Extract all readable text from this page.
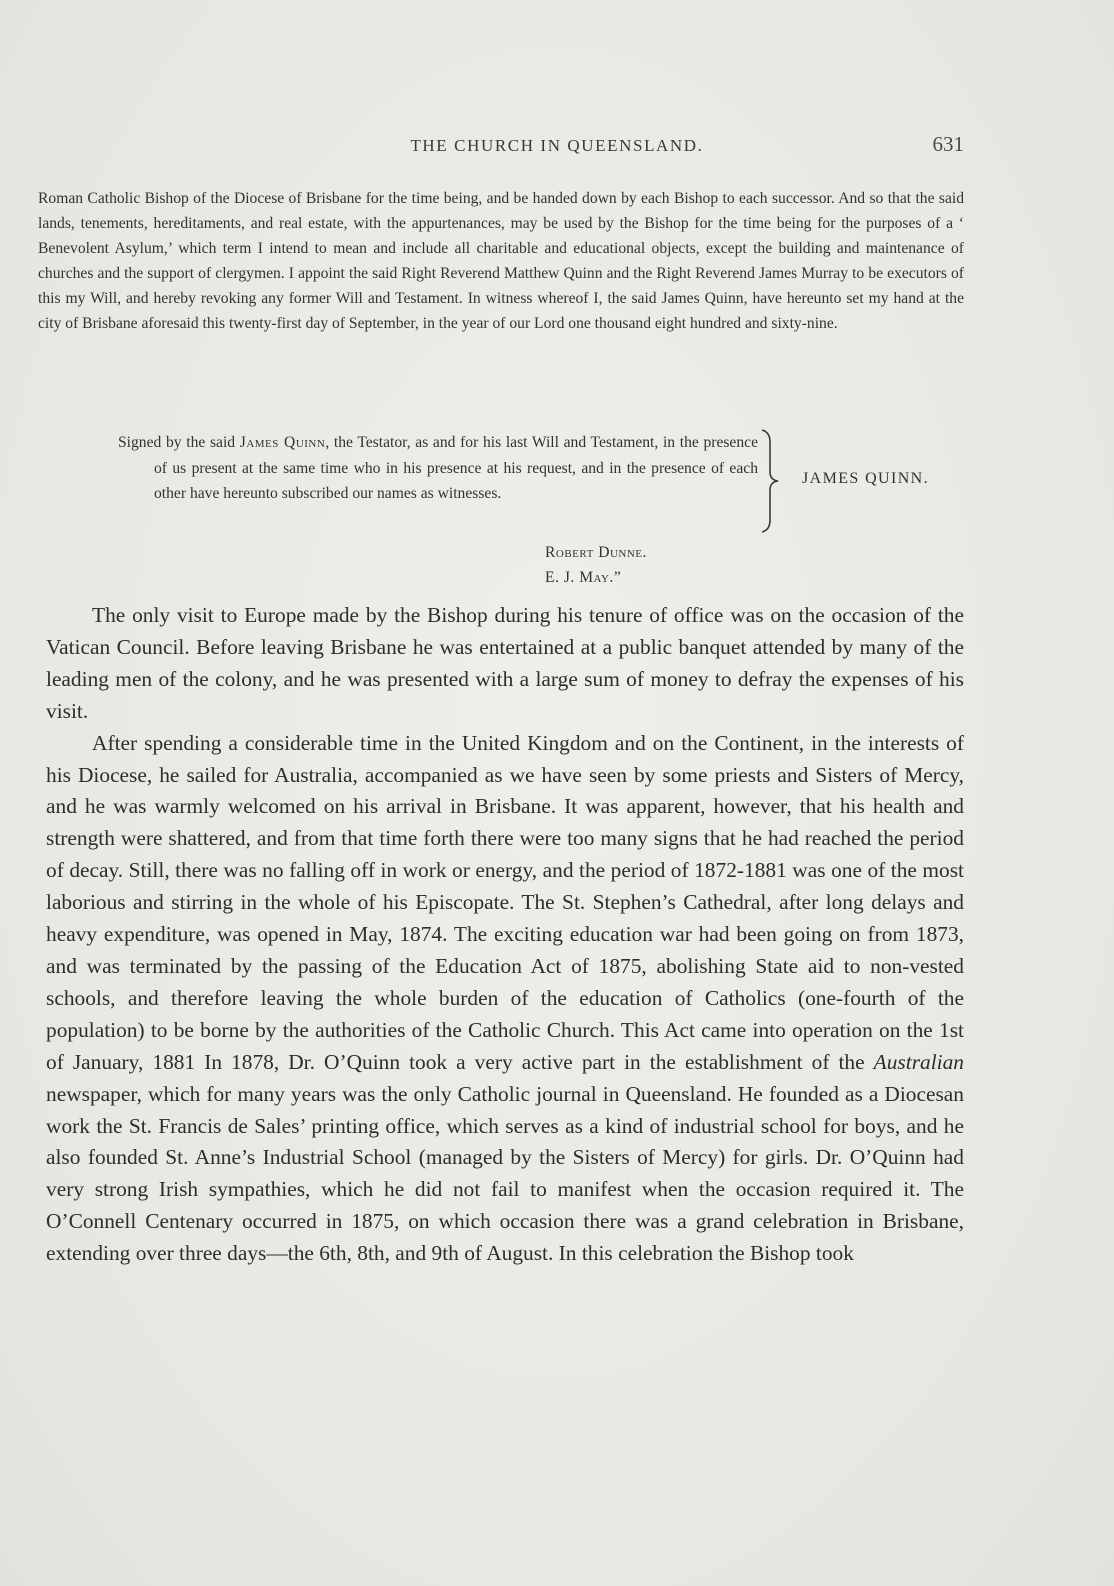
THE CHURCH IN QUEENSLAND.	631

Roman Catholic Bishop of the Diocese of Brisbane for the time being, and be handed down by each Bishop to each successor. And so that the said lands, tenements, hereditaments, and real estate, with the appurtenances, may be used by the Bishop for the time being for the purposes of a ‘ Benevolent Asylum,’ which term I intend to mean and include all charitable and educational objects, except the building and maintenance of churches and the support of clergymen. I appoint the said Right Reverend Matthew Quinn and the Right Reverend James Murray to be executors of this my Will, and hereby revoking any former Will and Testament. In witness whereof I, the said James Quinn, have hereunto set my hand at the city of Brisbane aforesaid this twenty-first day of September, in the year of our Lord one thousand eight hundred and sixty-nine.

Signed by the said James Quinn, the Testator, as and for his last Will and Testament, in the presence of us present at the same time who in his presence at his request, and in the presence of each other have hereunto subscribed our names as witnesses.

JAMES QUINN.
Robert Dunne.
E. J. May.”

The only visit to Europe made by the Bishop during his tenure of office was on the occasion of the Vatican Council. Before leaving Brisbane he was entertained at a public banquet attended by many of the leading men of the colony, and he was presented with a large sum of money to defray the expenses of his visit.

After spending a considerable time in the United Kingdom and on the Continent, in the interests of his Diocese, he sailed for Australia, accompanied as we have seen by some priests and Sisters of Mercy, and he was warmly welcomed on his arrival in Brisbane. It was apparent, however, that his health and strength were shattered, and from that time forth there were too many signs that he had reached the period of decay. Still, there was no falling off in work or energy, and the period of 1872-1881 was one of the most laborious and stirring in the whole of his Episcopate. The St. Stephen’s Cathedral, after long delays and heavy expenditure, was opened in May, 1874. The exciting education war had been going on from 1873, and was terminated by the passing of the Education Act of 1875, abolishing State aid to non-vested schools, and therefore leaving the whole burden of the education of Catholics (one-fourth of the population) to be borne by the authorities of the Catholic Church. This Act came into operation on the 1st of January, 1881 In 1878, Dr. O’Quinn took a very active part in the establishment of the Australian newspaper, which for many years was the only Catholic journal in Queensland. He founded as a Diocesan work the St. Francis de Sales’ printing office, which serves as a kind of industrial school for boys, and he also founded St. Anne’s Industrial School (managed by the Sisters of Mercy) for girls. Dr. O’Quinn had very strong Irish sympathies, which he did not fail to manifest when the occasion required it. The O’Connell Centenary occurred in 1875, on which occasion there was a grand celebration in Brisbane, extending over three days—the 6th, 8th, and 9th of August. In this celebration the Bishop took
